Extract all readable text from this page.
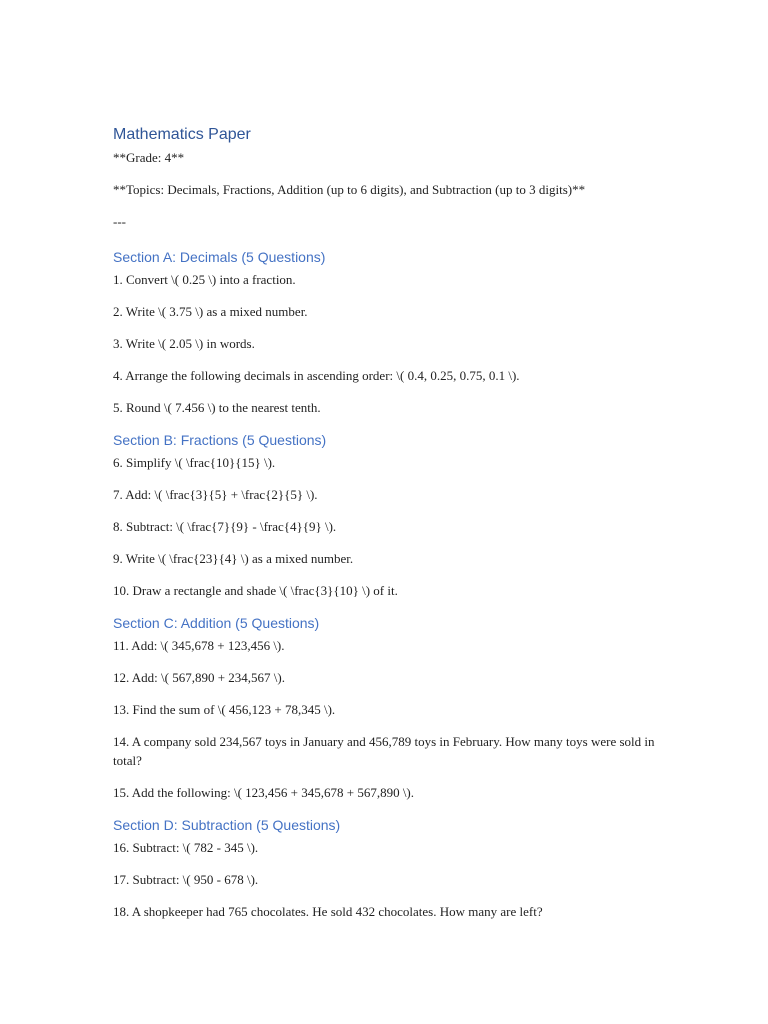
Mathematics Paper

**Grade: 4**

**Topics: Decimals, Fractions, Addition (up to 6 digits), and Subtraction (up to 3 digits)**

---

Section A: Decimals (5 Questions)

1. Convert \( 0.25 \) into a fraction.

2. Write \( 3.75 \) as a mixed number.

3. Write \( 2.05 \) in words.

4. Arrange the following decimals in ascending order: \( 0.4, 0.25, 0.75, 0.1 \).

5. Round \( 7.456 \) to the nearest tenth.

Section B: Fractions (5 Questions)

6. Simplify \( \frac{10}{15} \).

7. Add: \( \frac{3}{5} + \frac{2}{5} \).

8. Subtract: \( \frac{7}{9} - \frac{4}{9} \).

9. Write \( \frac{23}{4} \) as a mixed number.

10. Draw a rectangle and shade \( \frac{3}{10} \) of it.

Section C: Addition (5 Questions)

11. Add: \( 345,678 + 123,456 \).

12. Add: \( 567,890 + 234,567 \).

13. Find the sum of \( 456,123 + 78,345 \).

14. A company sold 234,567 toys in January and 456,789 toys in February. How many toys were sold in total?

15. Add the following: \( 123,456 + 345,678 + 567,890 \).

Section D: Subtraction (5 Questions)

16. Subtract: \( 782 - 345 \).

17. Subtract: \( 950 - 678 \).

18. A shopkeeper had 765 chocolates. He sold 432 chocolates. How many are left?
